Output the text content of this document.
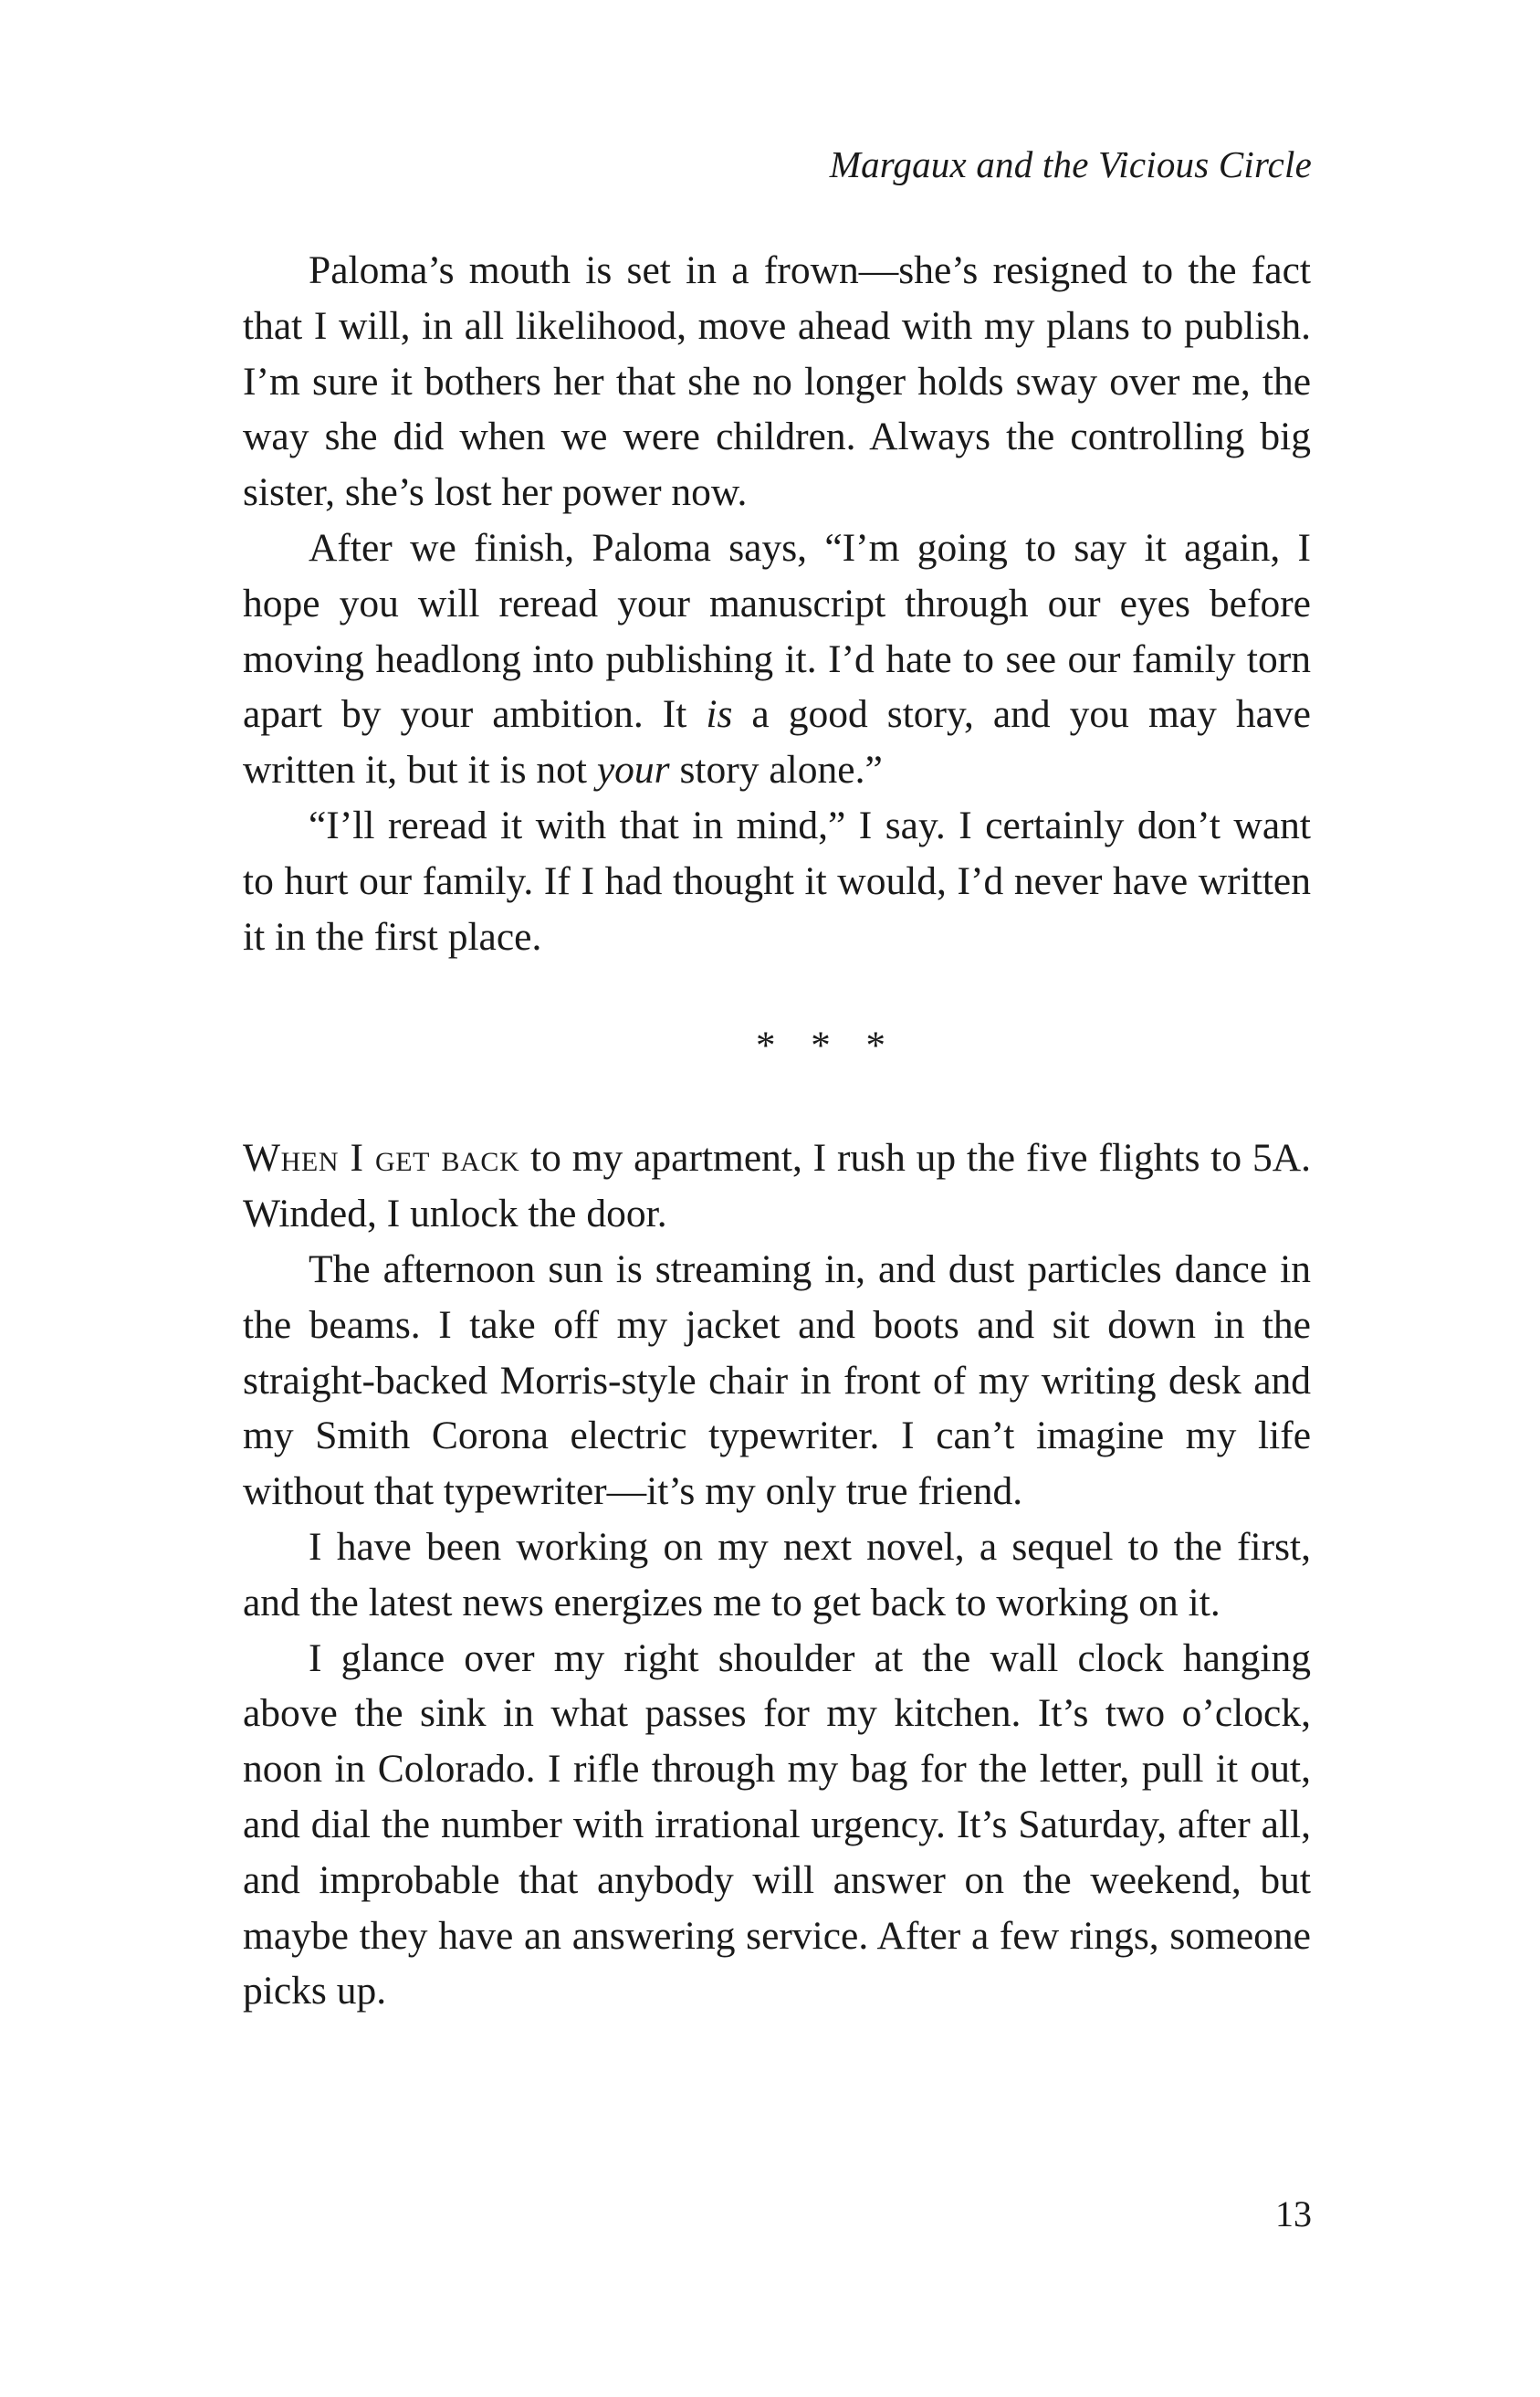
Margaux and the Vicious Circle

Paloma’s mouth is set in a frown—she’s resigned to the fact that I will, in all likelihood, move ahead with my plans to publish. I’m sure it bothers her that she no longer holds sway over me, the way she did when we were children. Always the controlling big sister, she’s lost her power now.

After we finish, Paloma says, “I’m going to say it again, I hope you will reread your manuscript through our eyes before moving headlong into publishing it. I’d hate to see our family torn apart by your ambition. It is a good story, and you may have written it, but it is not your story alone.”

“I’ll reread it with that in mind,” I say. I certainly don’t want to hurt our family. If I had thought it would, I’d never have written it in the first place.

* * *

When I get back to my apartment, I rush up the five flights to 5A. Winded, I unlock the door.

The afternoon sun is streaming in, and dust particles dance in the beams. I take off my jacket and boots and sit down in the straight-backed Morris-style chair in front of my writing desk and my Smith Corona electric typewriter. I can’t imagine my life without that typewriter—it’s my only true friend.

I have been working on my next novel, a sequel to the first, and the latest news energizes me to get back to working on it.

I glance over my right shoulder at the wall clock hanging above the sink in what passes for my kitchen. It’s two o’clock, noon in Colorado. I rifle through my bag for the letter, pull it out, and dial the number with irrational urgency. It’s Saturday, after all, and improbable that anybody will answer on the weekend, but maybe they have an answering service. After a few rings, someone picks up.

13
